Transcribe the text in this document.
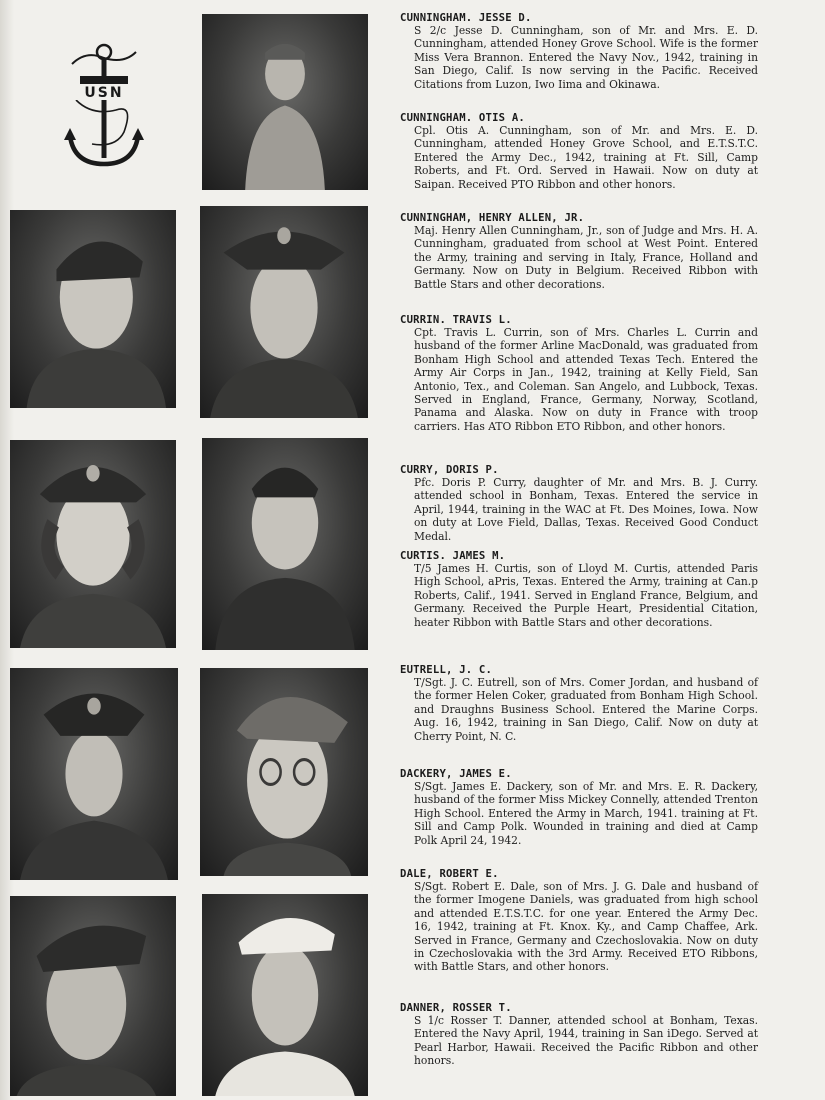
USN
CUNNINGHAM. JESSE D.
S 2/c Jesse D. Cunningham, son of Mr. and Mrs. E. D. Cunningham, attended Honey Grove School. Wife is the former Miss Vera Brannon. Entered the Navy Nov., 1942, training in San Diego, Calif. Is now serving in the Pacific. Received Citations from Luzon, Iwo Iima and Okinawa.
CUNNINGHAM. OTIS A.
Cpl. Otis A. Cunningham, son of Mr. and Mrs. E. D. Cunningham, attended Honey Grove School, and E.T.S.T.C. Entered the Army Dec., 1942, training at Ft. Sill, Camp Roberts, and Ft. Ord. Served in Hawaii. Now on duty at Saipan. Received PTO Ribbon and other honors.
CUNNINGHAM, HENRY ALLEN, JR.
Maj. Henry Allen Cunningham, Jr., son of Judge and Mrs. H. A. Cunningham, graduated from school at West Point. Entered the Army, training and serving in Italy, France, Holland and Germany. Now on Duty in Belgium. Received Ribbon with Battle Stars and other decorations.
CURRIN. TRAVIS L.
Cpt. Travis L. Currin, son of Mrs. Charles L. Currin and husband of the former Arline MacDonald, was graduated from Bonham High School and attended Texas Tech. Entered the Army Air Corps in Jan., 1942, training at Kelly Field, San Antonio, Tex., and Coleman. San Angelo, and Lubbock, Texas. Served in England, France, Germany, Norway, Scotland, Panama and Alaska. Now on duty in France with troop carriers. Has ATO Ribbon ETO Ribbon, and other honors.
CURRY, DORIS P.
Pfc. Doris P. Curry, daughter of Mr. and Mrs. B. J. Curry. attended school in Bonham, Texas. Entered the service in April, 1944, training in the WAC at Ft. Des Moines, Iowa. Now on duty at Love Field, Dallas, Texas. Received Good Conduct Medal.
CURTIS. JAMES M.
T/5 James H. Curtis, son of Lloyd M. Curtis, attended Paris High School, aPris, Texas. Entered the Army, training at Can.p Roberts, Calif., 1941. Served in England France, Belgium, and Germany. Received the Purple Heart, Presidential Citation, heater Ribbon with Battle Stars and other decorations.
EUTRELL, J. C.
T/Sgt. J. C. Eutrell, son of Mrs. Comer Jordan, and husband of the former Helen Coker, graduated from Bonham High School. and Draughns Business School. Entered the Marine Corps. Aug. 16, 1942, training in San Diego, Calif. Now on duty at Cherry Point, N. C.
DACKERY, JAMES E.
S/Sgt. James E. Dackery, son of Mr. and Mrs. E. R. Dackery, husband of the former Miss Mickey Connelly, attended Trenton High School. Entered the Army in March, 1941. training at Ft. Sill and Camp Polk. Wounded in training and died at Camp Polk April 24, 1942.
DALE, ROBERT E.
S/Sgt. Robert E. Dale, son of Mrs. J. G. Dale and husband of the former Imogene Daniels, was graduated from high school and attended E.T.S.T.C. for one year. Entered the Army Dec. 16, 1942, training at Ft. Knox. Ky., and Camp Chaffee, Ark. Served in France, Germany and Czechoslovakia. Now on duty in Czechoslovakia with the 3rd Army. Received ETO Ribbons, with Battle Stars, and other honors.
DANNER, ROSSER T.
S 1/c Rosser T. Danner, attended school at Bonham, Texas. Entered the Navy April, 1944, training in San iDego. Served at Pearl Harbor, Hawaii. Received the Pacific Ribbon and other honors.
